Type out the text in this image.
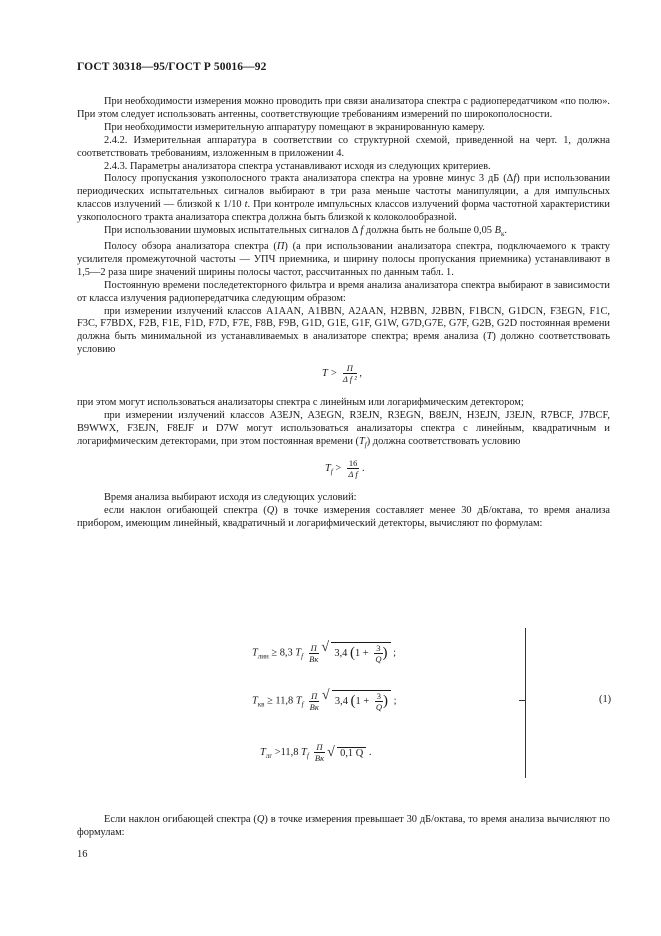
ГОСТ 30318—95/ГОСТ Р 50016—92

При необходимости измерения можно проводить при связи анализатора спектра с радиопередатчиком «по полю». При этом следует использовать антенны, соответствующие требованиям измерений по широкополосности.

При необходимости измерительную аппаратуру помещают в экранированную камеру.

2.4.2. Измерительная аппаратура в соответствии со структурной схемой, приведенной на черт. 1, должна соответствовать требованиям, изложенным в приложении 4.

2.4.3. Параметры анализатора спектра устанавливают исходя из следующих критериев.

Полосу пропускания узкополосного тракта анализатора спектра на уровне минус 3 дБ (Δf) при использовании периодических испытательных сигналов выбирают в три раза меньше частоты манипуляции, а для импульсных классов излучений — близкой к 1/10 t. При контроле импульсных классов излучений форма частотной характеристики узкополосного тракта анализатора спектра должна быть близкой к колоколообразной.

При использовании шумовых испытательных сигналов Δ f должна быть не больше 0,05 $B_к$.

Полосу обзора анализатора спектра (П) (а при использовании анализатора спектра, подключаемого к тракту усилителя промежуточной частоты — УПЧ приемника, и ширину полосы пропускания приемника) устанавливают в 1,5—2 раза шире значений ширины полосы частот, рассчитанных по данным табл. 1.

Постоянную времени последетекторного фильтра и время анализа анализатора спектра выбирают в зависимости от класса излучения радиопередатчика следующим образом:

при измерении излучений классов A1AAN, A1BBN, A2AAN, H2BBN, J2BBN, F1BCN, G1DCN, F3EGN, F1C, F3C, F7BDX, F2B, F1E, F1D, F7D, F7E, F8B, F9B, G1D, G1E, G1F, G1W, G7D,G7E, G7F, G2B, G2D постоянная времени должна быть минимальной из устанавливаемых в анализаторе спектра; время анализа (T) должно соответствовать условию

$T > \frac{П}{\text{Δ f ²}}$ ,

при этом могут использоваться анализаторы спектра с линейным или логарифмическим детектором;

при измерении излучений классов A3EJN, A3EGN, R3EJN, R3EGN, B8EJN, H3EJN, J3EJN, R7BCF, J7BCF, B9WWX, F3EJN, F8EJF и D7W могут использоваться анализаторы спектра с линейным, квадратичным и логарифмическим детекторами, при этом постоянная времени $(T_f)$ должна соответствовать условию

$T_f > \frac{16}{\text{Δ f}}$ .

Время анализа выбирают исходя из следующих условий:

если наклон огибающей спектра (Q) в точке измерения составляет менее 30 дБ/октава, то время анализа прибором, имеющим линейный, квадратичный и логарифмический детекторы, вычисляют по формулам:

$T_{лин} \ge 8,3$ $T_f \frac{П}{Bк}$
√ 3,4 ($1 + \frac{3}{Q}$ ) ;
$T_{кв} \ge 11,8$ $T_f \frac{П}{Bк}$
√ 3,4 ($1 + \frac{3}{Q}$ ) ;
$T_{лг} >11,8$ $T_f \frac{П}{Bк}$
√ 0,1 Q .
(1)

Если наклон огибающей спектра (Q) в точке измерения превышает 30 дБ/октава, то время анализа вычисляют по формулам:

16
